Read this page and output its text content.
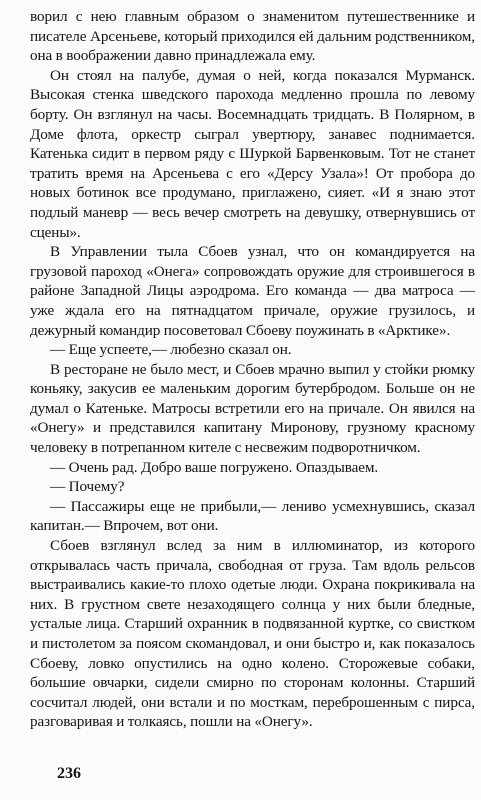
ворил с нею главным образом о знаменитом путешественнике и писателе Арсеньеве, который приходился ей дальним родственником, она в воображении давно принадлежала ему.

Он стоял на палубе, думая о ней, когда показался Мурманск. Высокая стенка шведского парохода медленно прошла по левому борту. Он взглянул на часы. Восемнадцать тридцать. В Полярном, в Доме флота, оркестр сыграл увертюру, занавес поднимается. Катенька сидит в первом ряду с Шуркой Барвенковым. Тот не станет тратить время на Арсеньева с его «Дерсу Узала»! От пробора до новых ботинок все продумано, приглажено, сияет. «И я знаю этот подлый маневр — весь вечер смотреть на девушку, отвернувшись от сцены».

В Управлении тыла Сбоев узнал, что он командируется на грузовой пароход «Онега» сопровождать оружие для строившегося в районе Западной Лицы аэродрома. Его команда — два матроса — уже ждала его на пятнадцатом причале, оружие грузилось, и дежурный командир посоветовал Сбоеву поужинать в «Арктике».

— Еще успеете,— любезно сказал он.

В ресторане не было мест, и Сбоев мрачно выпил у стойки рюмку коньяку, закусив ее маленьким дорогим бутербродом. Больше он не думал о Катеньке. Матросы встретили его на причале. Он явился на «Онегу» и представился капитану Миронову, грузному красному человеку в потрепанном кителе с несвежим подворотничком.

— Очень рад. Добро ваше погружено. Опаздываем.

— Почему?

— Пассажиры еще не прибыли,— лениво усмехнувшись, сказал капитан.— Впрочем, вот они.

Сбоев взглянул вслед за ним в иллюминатор, из которого открывалась часть причала, свободная от груза. Там вдоль рельсов выстраивались какие-то плохо одетые люди. Охрана покрикивала на них. В грустном свете незаходящего солнца у них были бледные, усталые лица. Старший охранник в подвязанной куртке, со свистком и пистолетом за поясом скомандовал, и они быстро и, как показалось Сбоеву, ловко опустились на одно колено. Сторожевые собаки, большие овчарки, сидели смирно по сторонам колонны. Старший сосчитал людей, они встали и по мосткам, переброшенным с пирса, разговаривая и толкаясь, пошли на «Онегу».

236
